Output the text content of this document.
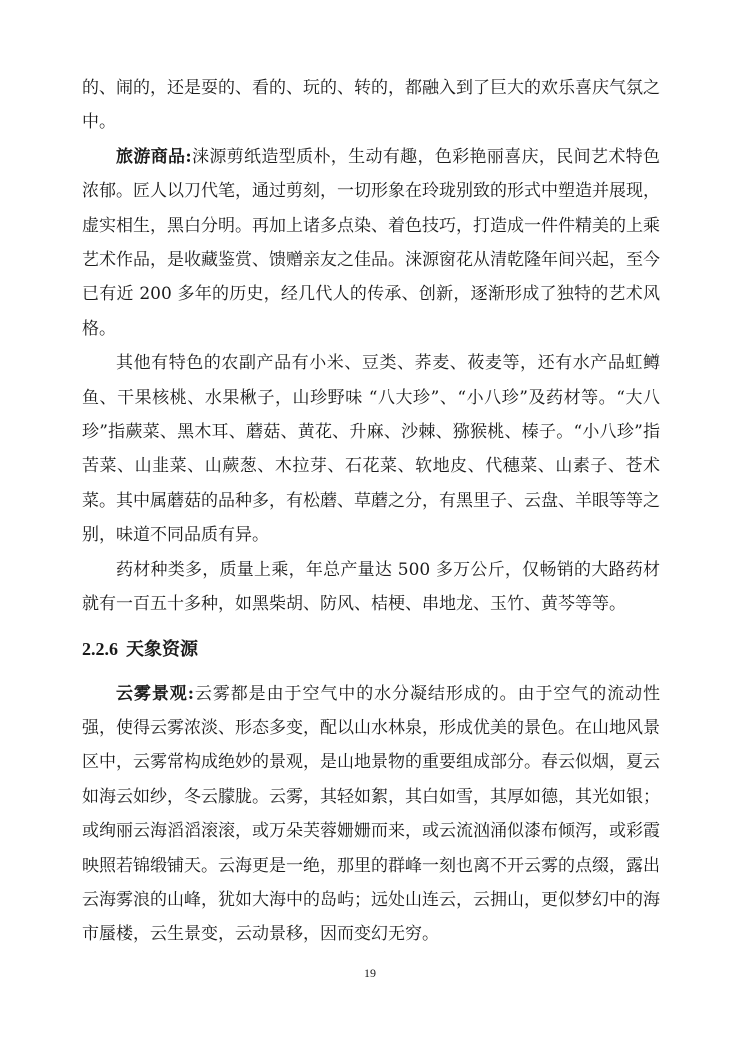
的、闹的，还是耍的、看的、玩的、转的，都融入到了巨大的欢乐喜庆气氛之中。

旅游商品:涞源剪纸造型质朴，生动有趣，色彩艳丽喜庆，民间艺术特色浓郁。匠人以刀代笔，通过剪刻，一切形象在玲珑别致的形式中塑造并展现，虚实相生，黑白分明。再加上诸多点染、着色技巧，打造成一件件精美的上乘艺术作品，是收藏鉴赏、馈赠亲友之佳品。涞源窗花从清乾隆年间兴起，至今已有近 200 多年的历史，经几代人的传承、创新，逐渐形成了独特的艺术风格。

其他有特色的农副产品有小米、豆类、荞麦、莜麦等，还有水产品虹鳟鱼、干果核桃、水果楸子，山珍野味 “八大珍”、“小八珍”及药材等。“大八珍”指蕨菜、黑木耳、蘑菇、黄花、升麻、沙棘、猕猴桃、榛子。“小八珍”指苦菜、山韭菜、山蕨葱、木拉芽、石花菜、软地皮、代穗菜、山素子、苍术菜。其中属蘑菇的品种多，有松蘑、草蘑之分，有黑里子、云盘、羊眼等等之别，味道不同品质有异。

药材种类多，质量上乘，年总产量达 500 多万公斤，仅畅销的大路药材就有一百五十多种，如黑柴胡、防风、桔梗、串地龙、玉竹、黄芩等等。

2.2.6 天象资源

云雾景观:云雾都是由于空气中的水分凝结形成的。由于空气的流动性强，使得云雾浓淡、形态多变，配以山水林泉，形成优美的景色。在山地风景区中，云雾常构成绝妙的景观，是山地景物的重要组成部分。春云似烟，夏云如海云如纱，冬云朦胧。云雾，其轻如絮，其白如雪，其厚如德，其光如银；或绚丽云海滔滔滚滚，或万朵芙蓉姗姗而来，或云流汹涌似漆布倾泻，或彩霞映照若锦缎铺天。云海更是一绝，那里的群峰一刻也离不开云雾的点缀，露出云海雾浪的山峰，犹如大海中的岛屿；远处山连云，云拥山，更似梦幻中的海市蜃楼，云生景变，云动景移，因而变幻无穷。

19
